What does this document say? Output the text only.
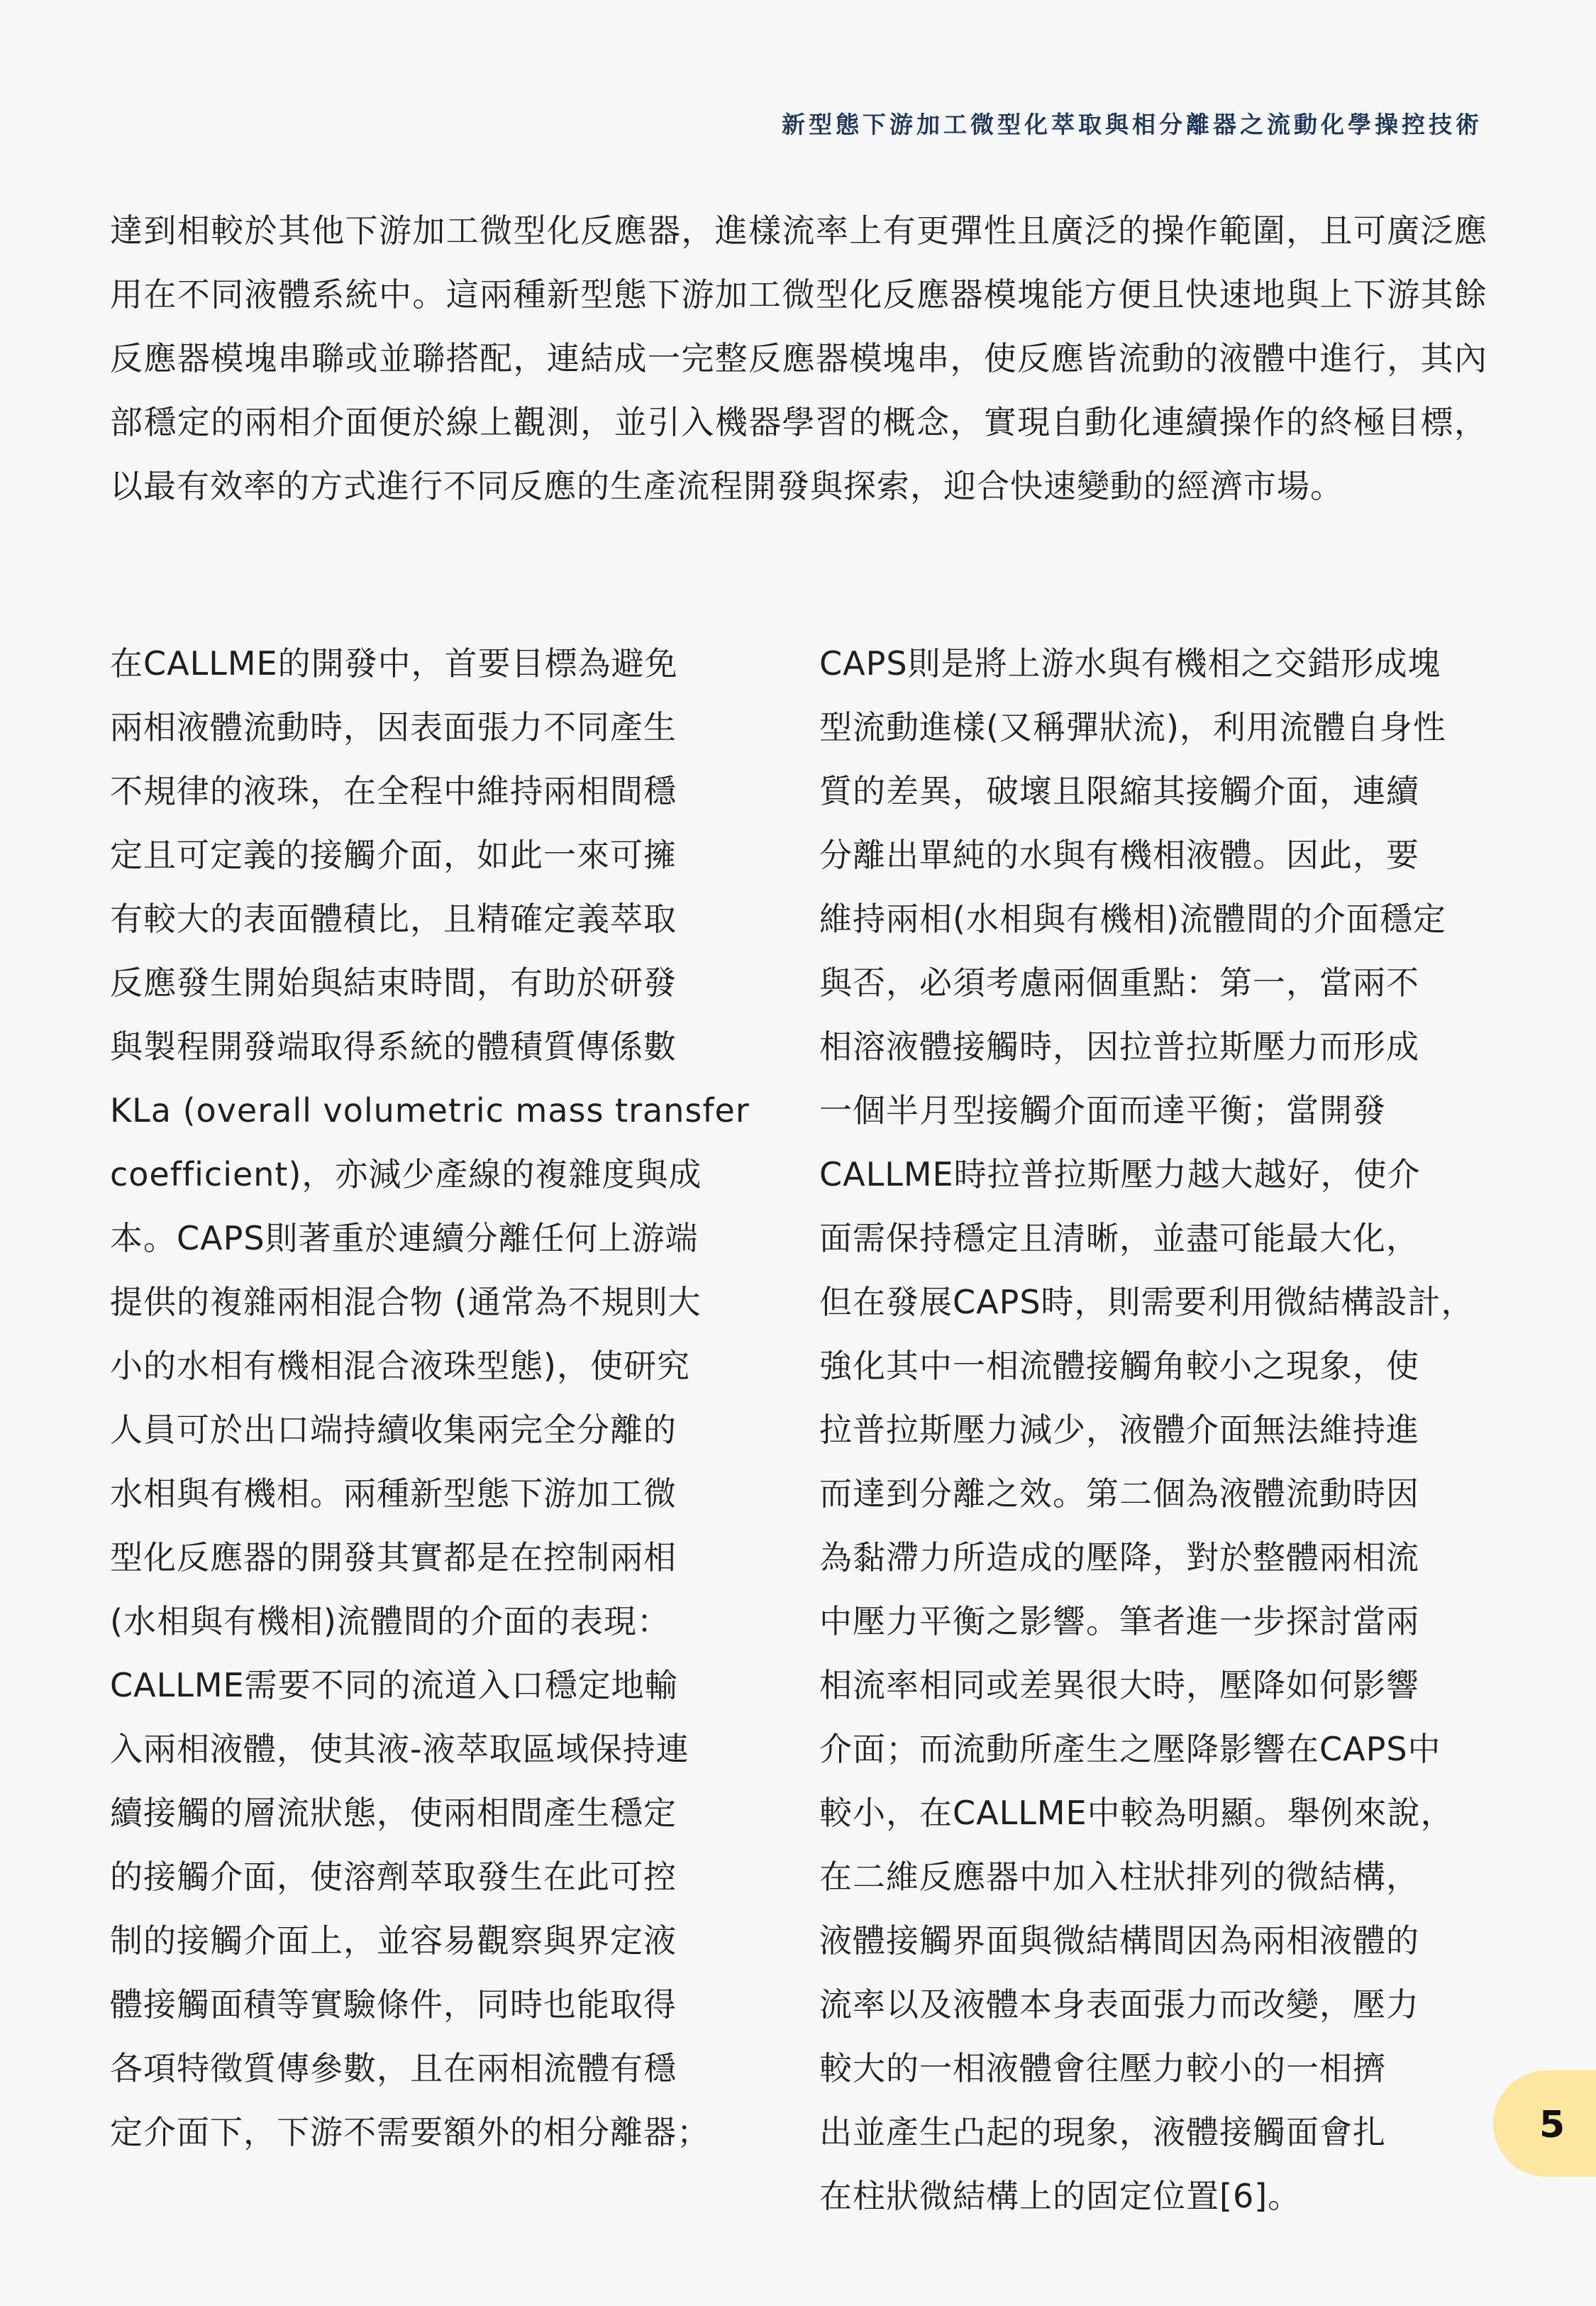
新型態下游加工微型化萃取與相分離器之流動化學操控技術

達到相較於其他下游加工微型化反應器，進樣流率上有更彈性且廣泛的操作範圍，且可廣泛應用在不同液體系統中。這兩種新型態下游加工微型化反應器模塊能方便且快速地與上下游其餘反應器模塊串聯或並聯搭配，連結成一完整反應器模塊串，使反應皆流動的液體中進行，其內部穩定的兩相介面便於線上觀測，並引入機器學習的概念，實現自動化連續操作的終極目標，以最有效率的方式進行不同反應的生產流程開發與探索，迎合快速變動的經濟市場。

在CALLME的開發中，首要目標為避免
兩相液體流動時，因表面張力不同產生
不規律的液珠，在全程中維持兩相間穩
定且可定義的接觸介面，如此一來可擁
有較大的表面體積比，且精確定義萃取
反應發生開始與結束時間，有助於研發
與製程開發端取得系統的體積質傳係數
KLa (overall volumetric mass transfer
coefficient)，亦減少產線的複雜度與成
本。CAPS則著重於連續分離任何上游端
提供的複雜兩相混合物 (通常為不規則大
小的水相有機相混合液珠型態)，使研究
人員可於出口端持續收集兩完全分離的
水相與有機相。兩種新型態下游加工微
型化反應器的開發其實都是在控制兩相
(水相與有機相)流體間的介面的表現：
CALLME需要不同的流道入口穩定地輸
入兩相液體，使其液-液萃取區域保持連
續接觸的層流狀態，使兩相間產生穩定
的接觸介面，使溶劑萃取發生在此可控
制的接觸介面上，並容易觀察與界定液
體接觸面積等實驗條件，同時也能取得
各項特徵質傳參數，且在兩相流體有穩
定介面下，下游不需要額外的相分離器；
CAPS則是將上游水與有機相之交錯形成塊
型流動進樣(又稱彈狀流)，利用流體自身性
質的差異，破壞且限縮其接觸介面，連續
分離出單純的水與有機相液體。因此，要
維持兩相(水相與有機相)流體間的介面穩定
與否，必須考慮兩個重點：第一，當兩不
相溶液體接觸時，因拉普拉斯壓力而形成
一個半月型接觸介面而達平衡；當開發
CALLME時拉普拉斯壓力越大越好，使介
面需保持穩定且清晰，並盡可能最大化，
但在發展CAPS時，則需要利用微結構設計，
強化其中一相流體接觸角較小之現象，使
拉普拉斯壓力減少，液體介面無法維持進
而達到分離之效。第二個為液體流動時因
為黏滯力所造成的壓降，對於整體兩相流
中壓力平衡之影響。筆者進一步探討當兩
相流率相同或差異很大時，壓降如何影響
介面；而流動所產生之壓降影響在CAPS中
較小，在CALLME中較為明顯。舉例來說，
在二維反應器中加入柱狀排列的微結構，
液體接觸界面與微結構間因為兩相液體的
流率以及液體本身表面張力而改變，壓力
較大的一相液體會往壓力較小的一相擠
出並產生凸起的現象，液體接觸面會扎
在柱狀微結構上的固定位置[6]。
5
